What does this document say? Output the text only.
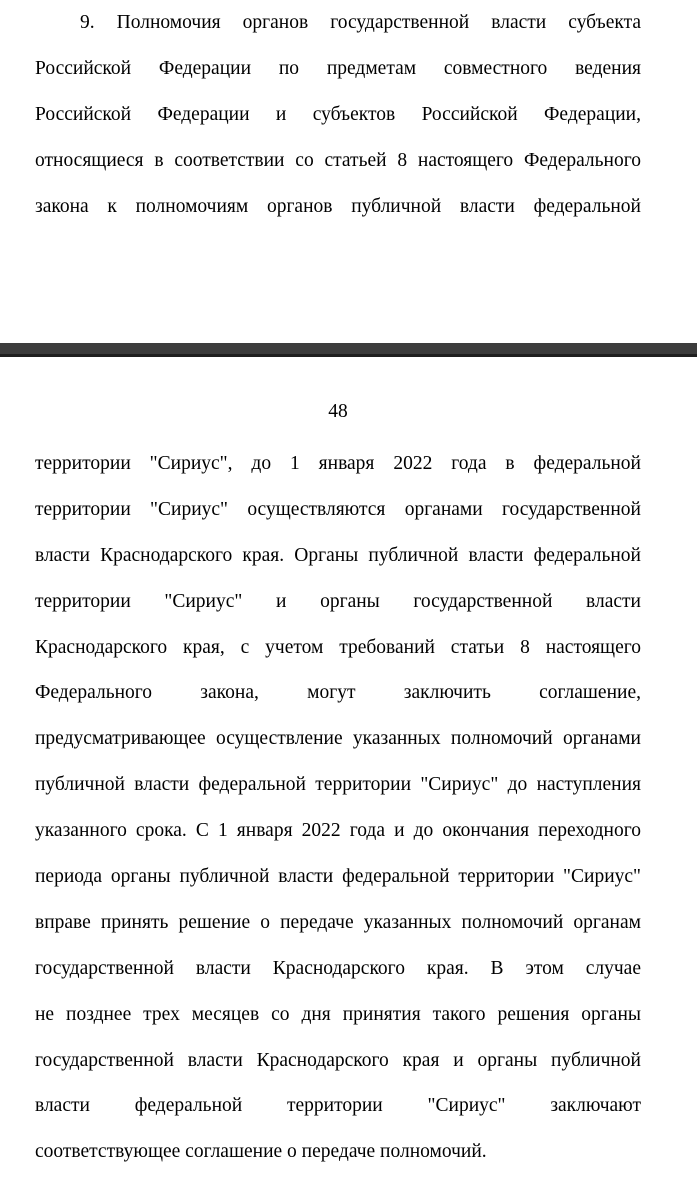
9. Полномочия органов государственной власти субъекта
Российской Федерации по предметам совместного ведения
Российской Федерации и субъектов Российской Федерации,
относящиеся в соответствии со статьей 8 настоящего Федерального
закона к полномочиям органов публичной власти федеральной
48
территории "Сириус", до 1 января 2022 года в федеральной
территории "Сириус" осуществляются органами государственной
власти Краснодарского края. Органы публичной власти федеральной
территории "Сириус" и органы государственной власти
Краснодарского края, с учетом требований статьи 8 настоящего
Федерального закона, могут заключить соглашение,
предусматривающее осуществление указанных полномочий органами
публичной власти федеральной территории "Сириус" до наступления
указанного срока. С 1 января 2022 года и до окончания переходного
периода органы публичной власти федеральной территории "Сириус"
вправе принять решение о передаче указанных полномочий органам
государственной власти Краснодарского края. В этом случае
не позднее трех месяцев со дня принятия такого решения органы
государственной власти Краснодарского края и органы публичной
власти федеральной территории "Сириус" заключают
соответствующее соглашение о передаче полномочий.
